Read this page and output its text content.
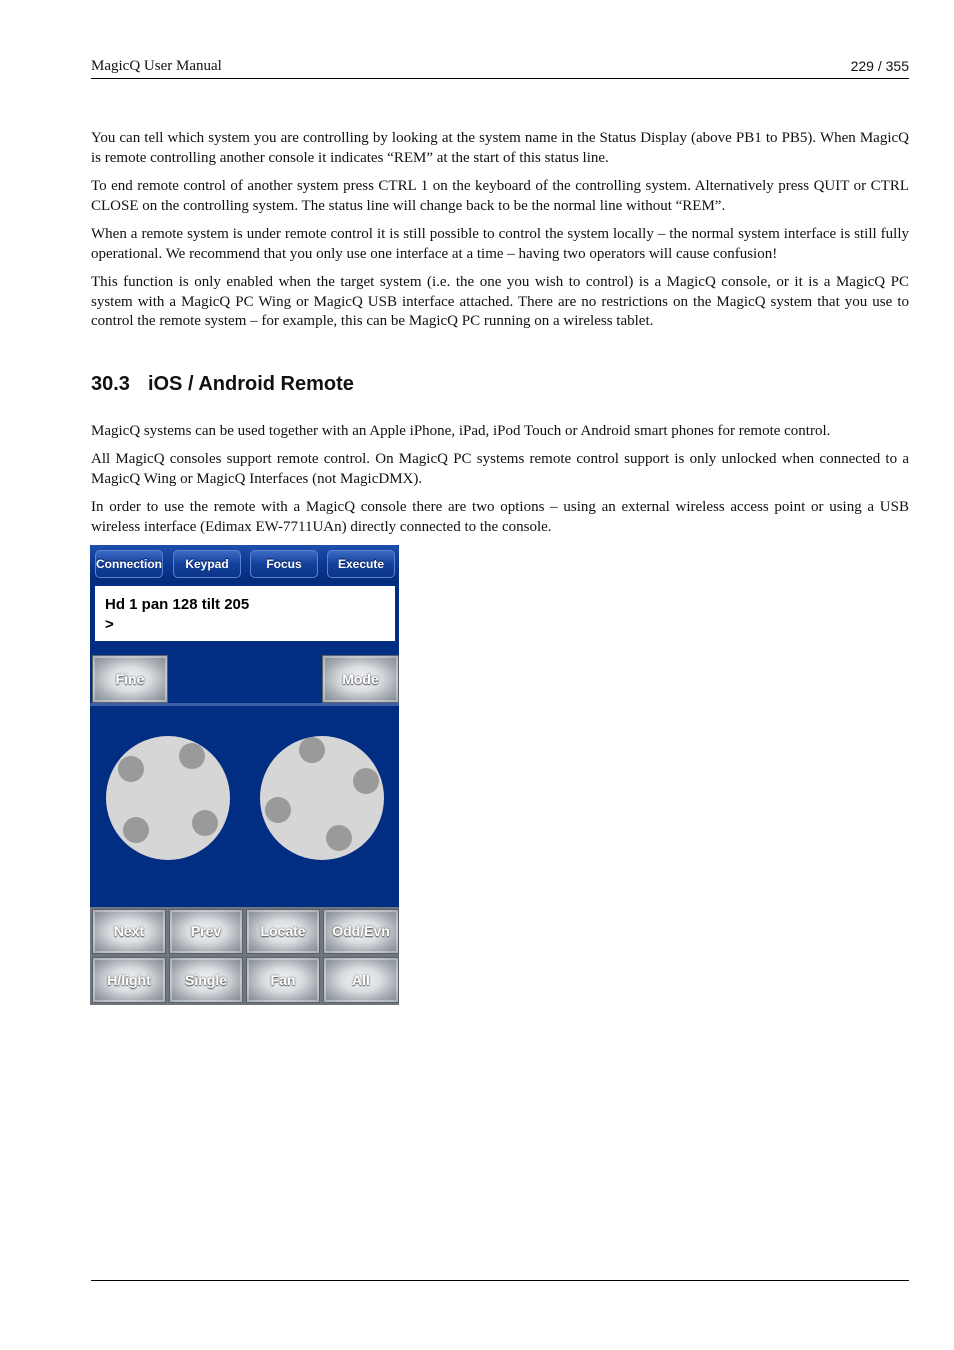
MagicQ User Manual	229 / 355

You can tell which system you are controlling by looking at the system name in the Status Display (above PB1 to PB5). When MagicQ is remote controlling another console it indicates “REM” at the start of this status line.

To end remote control of another system press CTRL 1 on the keyboard of the controlling system. Alternatively press QUIT or CTRL CLOSE on the controlling system. The status line will change back to be the normal line without “REM”.

When a remote system is under remote control it is still possible to control the system locally – the normal system interface is still fully operational. We recommend that you only use one interface at a time – having two operators will cause confusion!

This function is only enabled when the target system (i.e. the one you wish to control) is a MagicQ console, or it is a MagicQ PC system with a MagicQ PC Wing or MagicQ USB interface attached. There are no restrictions on the MagicQ system that you use to control the remote system – for example, this can be MagicQ PC running on a wireless tablet.

30.3 iOS / Android Remote

MagicQ systems can be used together with an Apple iPhone, iPad, iPod Touch or Android smart phones for remote control.

All MagicQ consoles support remote control. On MagicQ PC systems remote control support is only unlocked when connected to a MagicQ Wing or MagicQ Interfaces (not MagicDMX).

In order to use the remote with a MagicQ console there are two options – using an external wireless access point or using a USB wireless interface (Edimax EW-7711UAn) directly connected to the console.

Connection	Keypad	Focus	Execute
Hd 1 pan 128 tilt 205
>
Fine	Mode
Next	Prev	Locate	Odd/Evn
H/light	Single	Fan	All
